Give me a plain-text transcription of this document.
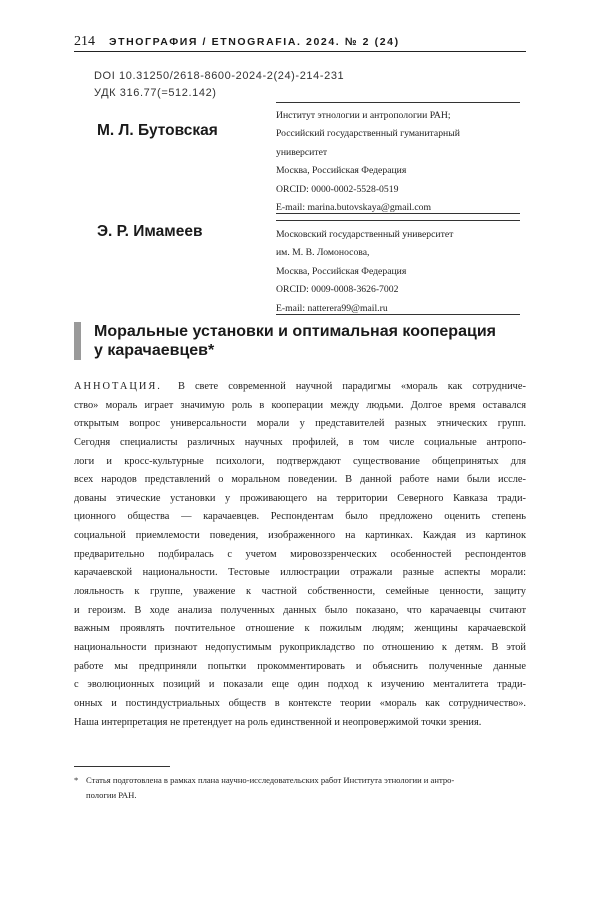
214 ЭТНОГРАФИЯ / ETNOGRAFIA. 2024. № 2 (24)
DOI 10.31250/2618-8600-2024-2(24)-214-231
УДК 316.77(=512.142)
М. Л. Бутовская
Институт этнологии и антропологии РАН;
Российский государственный гуманитарный
университет
Москва, Российская Федерация
ORCID: 0000-0002-5528-0519
E-mail: marina.butovskaya@gmail.com
Э. Р. Имамеев	Московский государственный университет
им. М. В. Ломоносова,
Москва, Российская Федерация
ORCID: 0009-0008-3626-7002
E-mail: natterera99@mail.ru
Моральные установки и оптимальная кооперация
у карачаевцев*
АННОТАЦИЯ. В свете современной научной парадигмы «мораль как сотрудниче-
ство» мораль играет значимую роль в кооперации между людьми. Долгое время оставался
открытым вопрос универсальности морали у представителей разных этнических групп.
Сегодня специалисты различных научных профилей, в том числе социальные антропо-
логи и кросс-культурные психологи, подтверждают существование общепринятых для
всех народов представлений о моральном поведении. В данной работе нами были иссле-
дованы этические установки у проживающего на территории Северного Кавказа тради-
ционного общества — карачаевцев. Респондентам было предложено оценить степень
социальной приемлемости поведения, изображенного на картинках. Каждая из картинок
предварительно подбиралась с учетом мировоззренческих особенностей респондентов
карачаевской национальности. Тестовые иллюстрации отражали разные аспекты морали:
лояльность к группе, уважение к частной собственности, семейные ценности, защиту
и героизм. В ходе анализа полученных данных было показано, что карачаевцы считают
важным проявлять почтительное отношение к пожилым людям; женщины карачаевской
национальности признают недопустимым рукоприкладство по отношению к детям. В этой
работе мы предприняли попытки прокомментировать и объяснить полученные данные
с эволюционных позиций и показали еще один подход к изучению менталитета тради-
онных и постиндустриальных обществ в контексте теории «мораль как сотрудничество».
Наша интерпретация не претендует на роль единственной и неопровержимой точки зрения.
* Статья подготовлена в рамках плана научно-исследовательских работ Института этнологии и антро-
пологии РАН.
